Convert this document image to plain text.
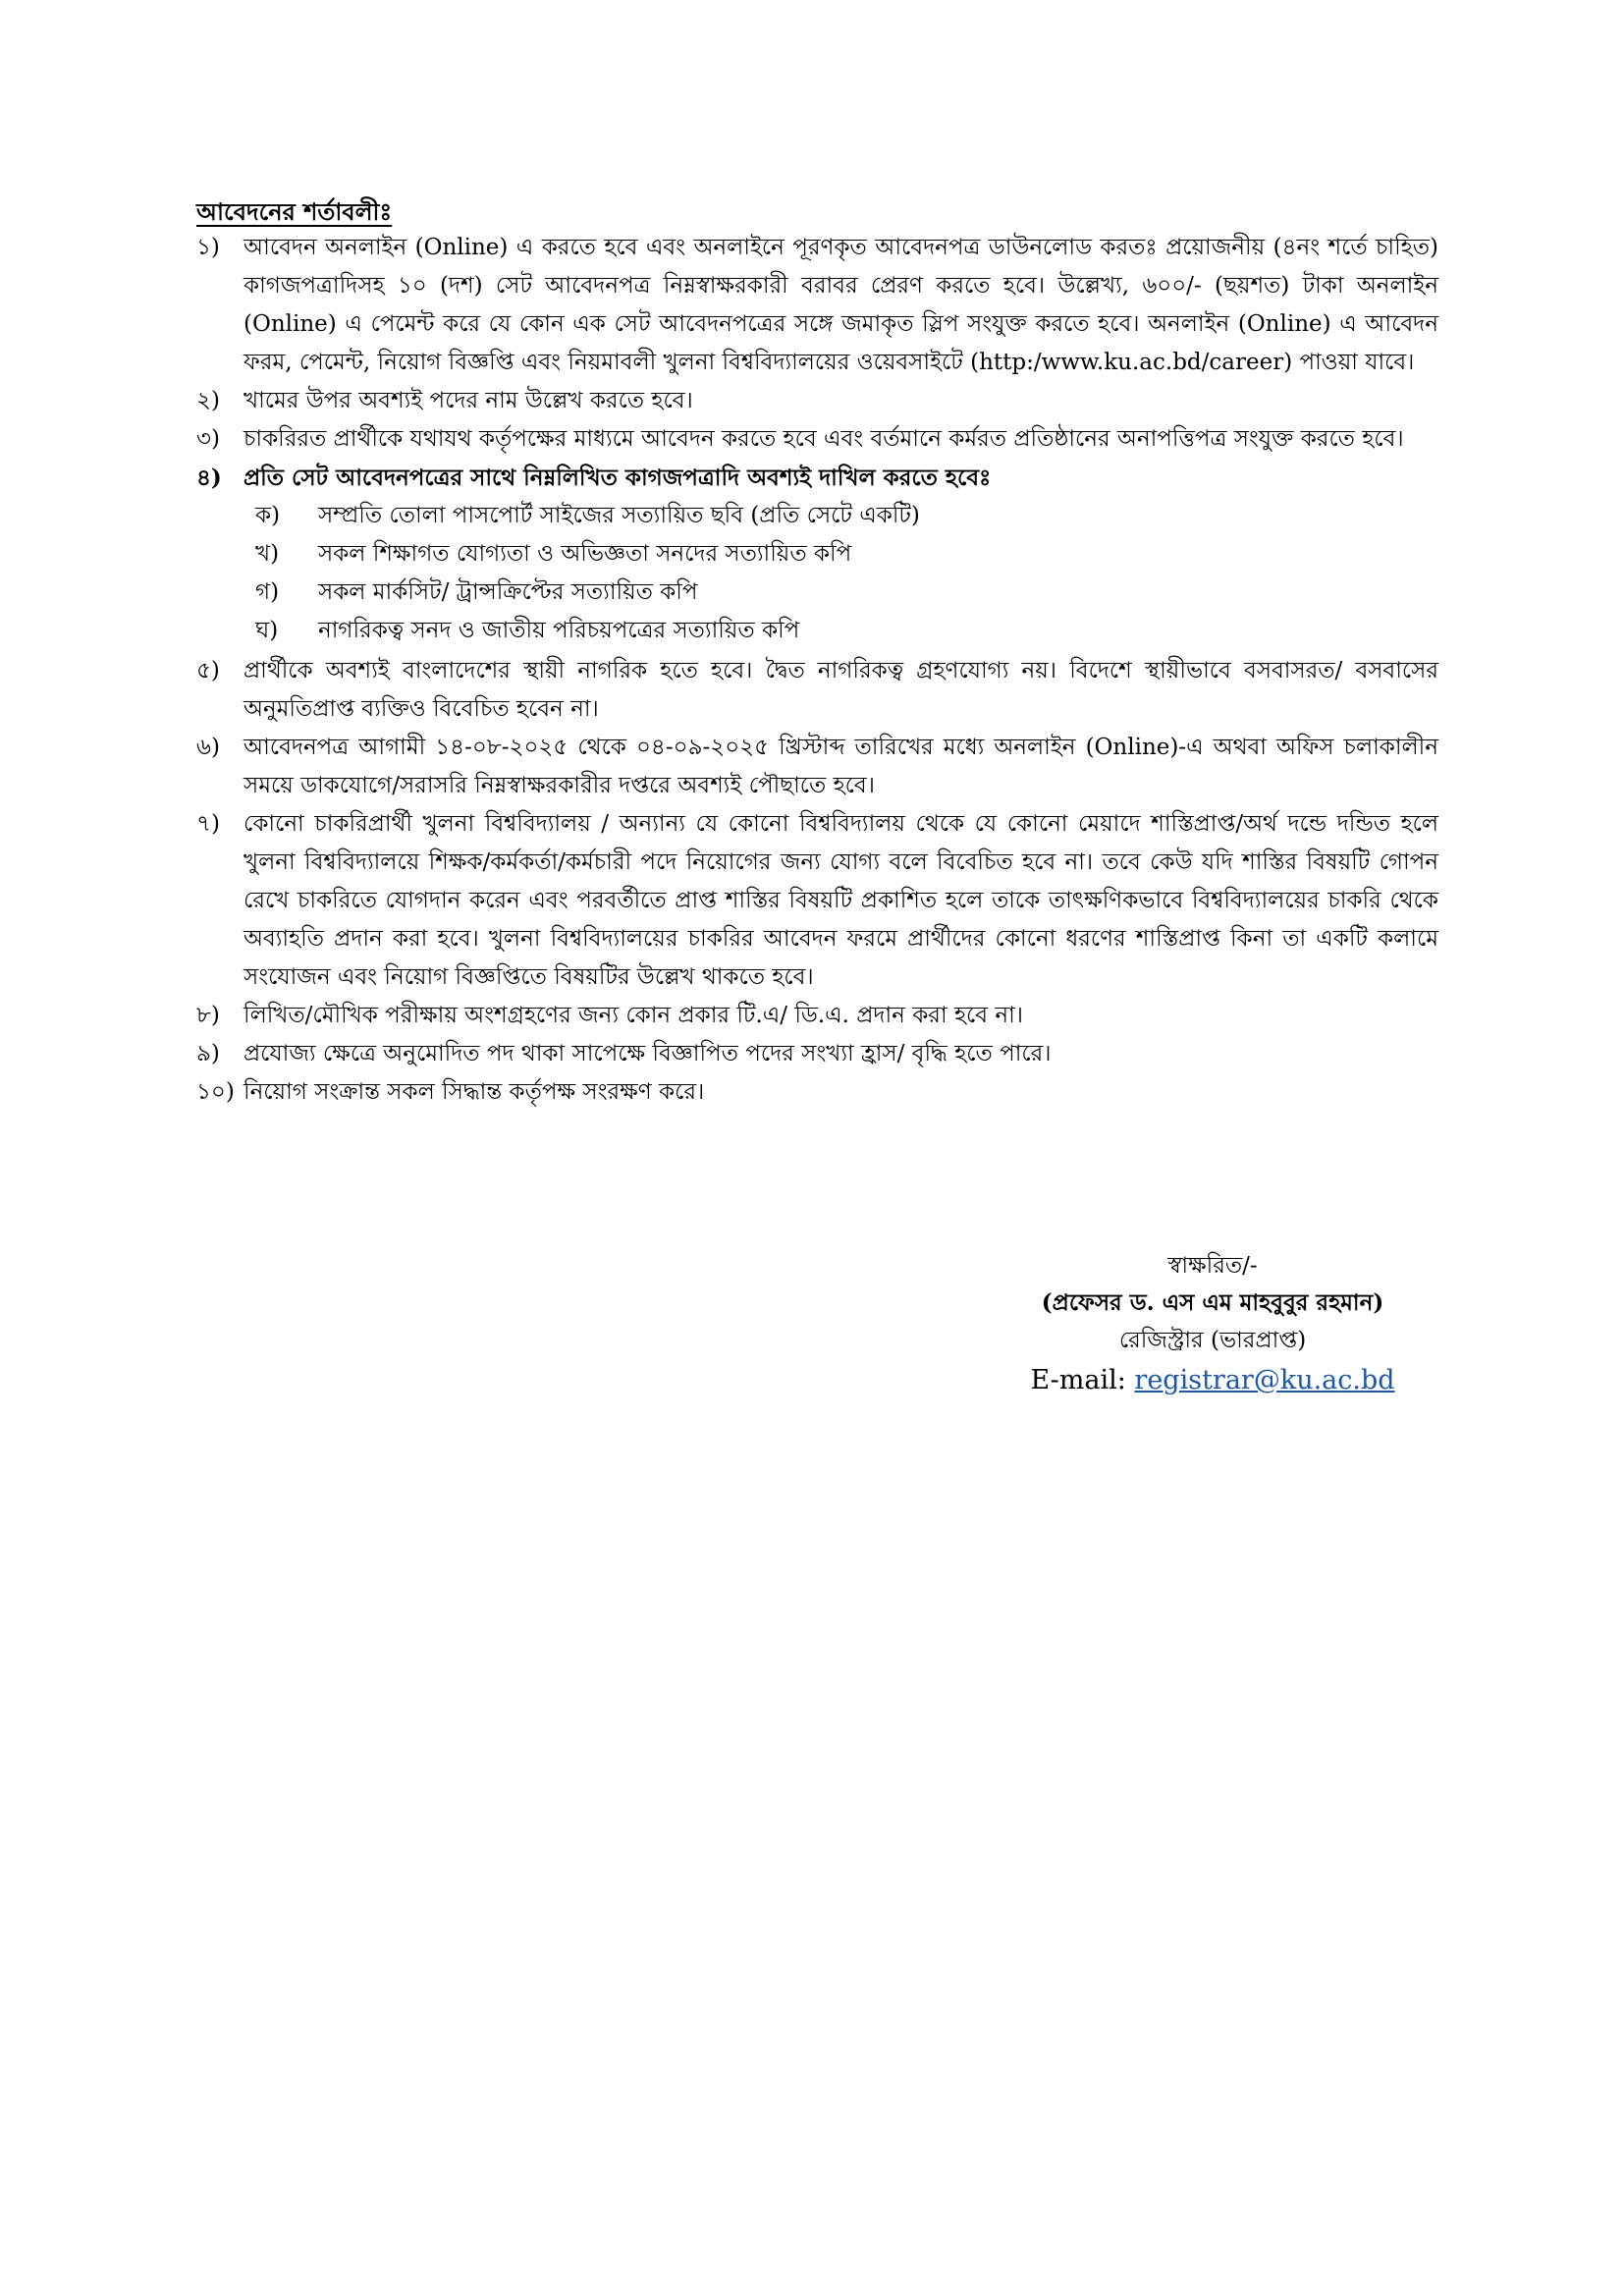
আবেদনের শর্তাবলীঃ
১)	আবেদন অনলাইন (Online) এ করতে হবে এবং অনলাইনে পূরণকৃত আবেদনপত্র ডাউনলোড করতঃ প্রয়োজনীয় (৪নং শর্তে চাহিত) কাগজপত্রাদিসহ ১০ (দশ) সেট আবেদনপত্র নিম্নস্বাক্ষরকারী বরাবর প্রেরণ করতে হবে। উল্লেখ্য, ৬০০/- (ছয়শত) টাকা অনলাইন (Online) এ পেমেন্ট করে যে কোন এক সেট আবেদনপত্রের সঙ্গে জমাকৃত স্লিপ সংযুক্ত করতে হবে। অনলাইন (Online) এ আবেদন ফরম, পেমেন্ট, নিয়োগ বিজ্ঞপ্তি এবং নিয়মাবলী খুলনা বিশ্ববিদ্যালয়ের ওয়েবসাইটে (http:/www.ku.ac.bd/career) পাওয়া যাবে।
২)	খামের উপর অবশ্যই পদের নাম উল্লেখ করতে হবে।
৩)	চাকরিরত প্রার্থীকে যথাযথ কর্তৃপক্ষের মাধ্যমে আবেদন করতে হবে এবং বর্তমানে কর্মরত প্রতিষ্ঠানের অনাপত্তিপত্র সংযুক্ত করতে হবে।
৪) প্রতি সেট আবেদনপত্রের সাথে নিম্নলিখিত কাগজপত্রাদি অবশ্যই দাখিল করতে হবেঃ
ক)	সম্প্রতি তোলা পাসপোর্ট সাইজের সত্যায়িত ছবি (প্রতি সেটে একটি)
খ)	সকল শিক্ষাগত যোগ্যতা ও অভিজ্ঞতা সনদের সত্যায়িত কপি
গ)	সকল মার্কসিট/ ট্রান্সক্রিপ্টের সত্যায়িত কপি
ঘ)	নাগরিকত্ব সনদ ও জাতীয় পরিচয়পত্রের সত্যায়িত কপি
৫)	প্রার্থীকে অবশ্যই বাংলাদেশের স্থায়ী নাগরিক হতে হবে। দ্বৈত নাগরিকত্ব গ্রহণযোগ্য নয়। বিদেশে স্থায়ীভাবে বসবাসরত/ বসবাসের অনুমতিপ্রাপ্ত ব্যক্তিও বিবেচিত হবেন না।
৬)	আবেদনপত্র আগামী ১৪-০৮-২০২৫ থেকে ০৪-০৯-২০২৫ খ্রিস্টাব্দ তারিখের মধ্যে অনলাইন (Online)-এ অথবা অফিস চলাকালীন সময়ে ডাকযোগে/সরাসরি নিম্নস্বাক্ষরকারীর দপ্তরে অবশ্যই পৌছাতে হবে।
৭)	কোনো চাকরিপ্রার্থী খুলনা বিশ্ববিদ্যালয় / অন্যান্য যে কোনো বিশ্ববিদ্যালয় থেকে যে কোনো মেয়াদে শাস্তিপ্রাপ্ত/অর্থ দন্ডে দন্ডিত হলে খুলনা বিশ্ববিদ্যালয়ে শিক্ষক/কর্মকর্তা/কর্মচারী পদে নিয়োগের জন্য যোগ্য বলে বিবেচিত হবে না। তবে কেউ যদি শাস্তির বিষয়টি গোপন রেখে চাকরিতে যোগদান করেন এবং পরবর্তীতে প্রাপ্ত শাস্তির বিষয়টি প্রকাশিত হলে তাকে তাৎক্ষণিকভাবে বিশ্ববিদ্যালয়ের চাকরি থেকে অব্যাহতি প্রদান করা হবে। খুলনা বিশ্ববিদ্যালয়ের চাকরির আবেদন ফরমে প্রার্থীদের কোনো ধরণের শাস্তিপ্রাপ্ত কিনা তা একটি কলামে সংযোজন এবং নিয়োগ বিজ্ঞপ্তিতে বিষয়টির উল্লেখ থাকতে হবে।
৮)	লিখিত/মৌখিক পরীক্ষায় অংশগ্রহণের জন্য কোন প্রকার টি.এ/ ডি.এ. প্রদান করা হবে না।
৯)	প্রযোজ্য ক্ষেত্রে অনুমোদিত পদ থাকা সাপেক্ষে বিজ্ঞাপিত পদের সংখ্যা হ্রাস/ বৃদ্ধি হতে পারে।
১০) নিয়োগ সংক্রান্ত সকল সিদ্ধান্ত কর্তৃপক্ষ সংরক্ষণ করে।
স্বাক্ষরিত/-
(প্রফেসর ড. এস এম মাহবুবুর রহমান)
রেজিস্ট্রার (ভারপ্রাপ্ত)
E-mail: registrar@ku.ac.bd
